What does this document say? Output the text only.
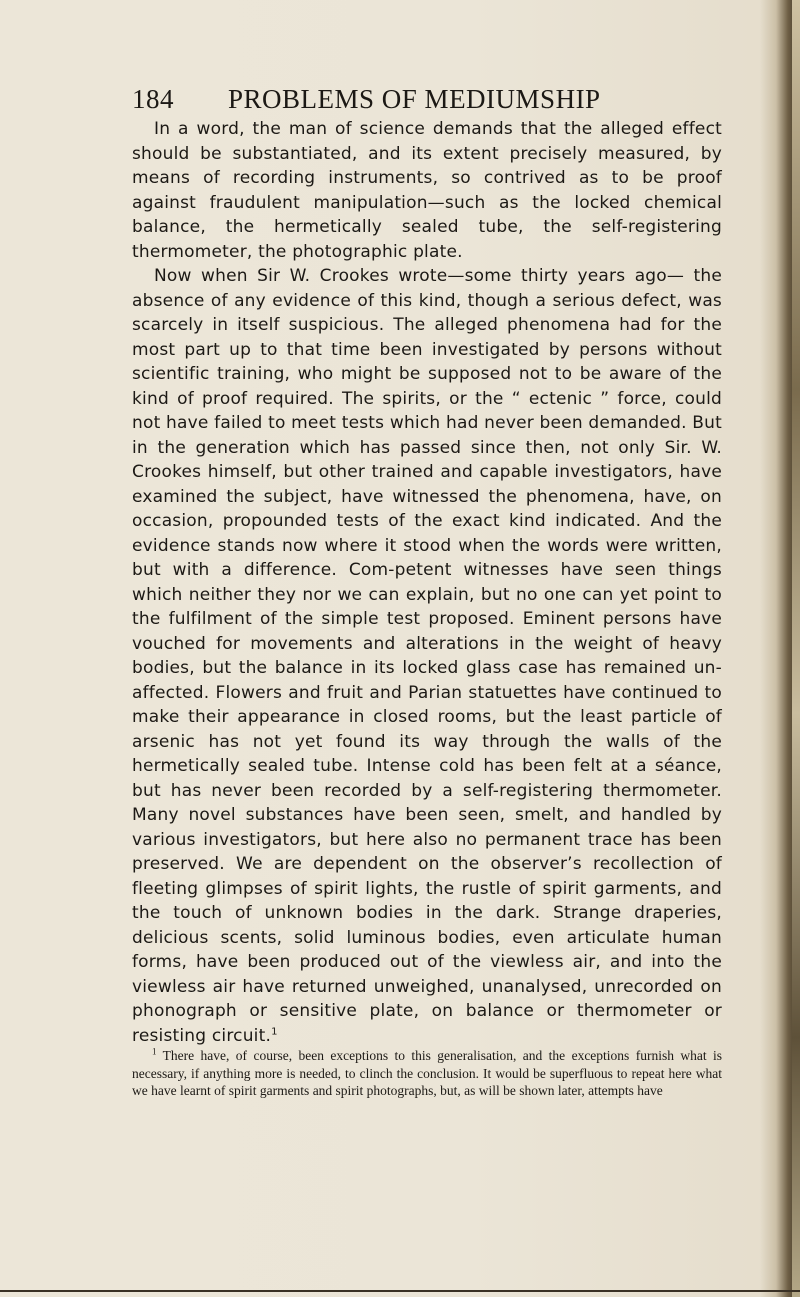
184 PROBLEMS OF MEDIUMSHIP

In a word, the man of science demands that the alleged effect should be substantiated, and its extent precisely measured, by means of recording instruments, so contrived as to be proof against fraudulent manipulation—such as the locked chemical balance, the hermetically sealed tube, the self-registering thermometer, the photographic plate.

Now when Sir W. Crookes wrote—some thirty years ago— the absence of any evidence of this kind, though a serious defect, was scarcely in itself suspicious. The alleged phenomena had for the most part up to that time been investigated by persons without scientific training, who might be supposed not to be aware of the kind of proof required. The spirits, or the “ ectenic ” force, could not have failed to meet tests which had never been demanded. But in the generation which has passed since then, not only Sir. W. Crookes himself, but other trained and capable investigators, have examined the subject, have witnessed the phenomena, have, on occasion, propounded tests of the exact kind indicated. And the evidence stands now where it stood when the words were written, but with a difference. Com-petent witnesses have seen things which neither they nor we can explain, but no one can yet point to the fulfilment of the simple test proposed. Eminent persons have vouched for movements and alterations in the weight of heavy bodies, but the balance in its locked glass case has remained un-affected. Flowers and fruit and Parian statuettes have continued to make their appearance in closed rooms, but the least particle of arsenic has not yet found its way through the walls of the hermetically sealed tube. Intense cold has been felt at a séance, but has never been recorded by a self-registering thermometer. Many novel substances have been seen, smelt, and handled by various investigators, but here also no permanent trace has been preserved. We are dependent on the observer’s recollection of fleeting glimpses of spirit lights, the rustle of spirit garments, and the touch of unknown bodies in the dark. Strange draperies, delicious scents, solid luminous bodies, even articulate human forms, have been produced out of the viewless air, and into the viewless air have returned unweighed, unanalysed, unrecorded on phonograph or sensitive plate, on balance or thermometer or resisting circuit.$^1$

$^1$ There have, of course, been exceptions to this generalisation, and the exceptions furnish what is necessary, if anything more is needed, to clinch the conclusion. It would be superfluous to repeat here what we have learnt of spirit garments and spirit photographs, but, as will be shown later, attempts have
